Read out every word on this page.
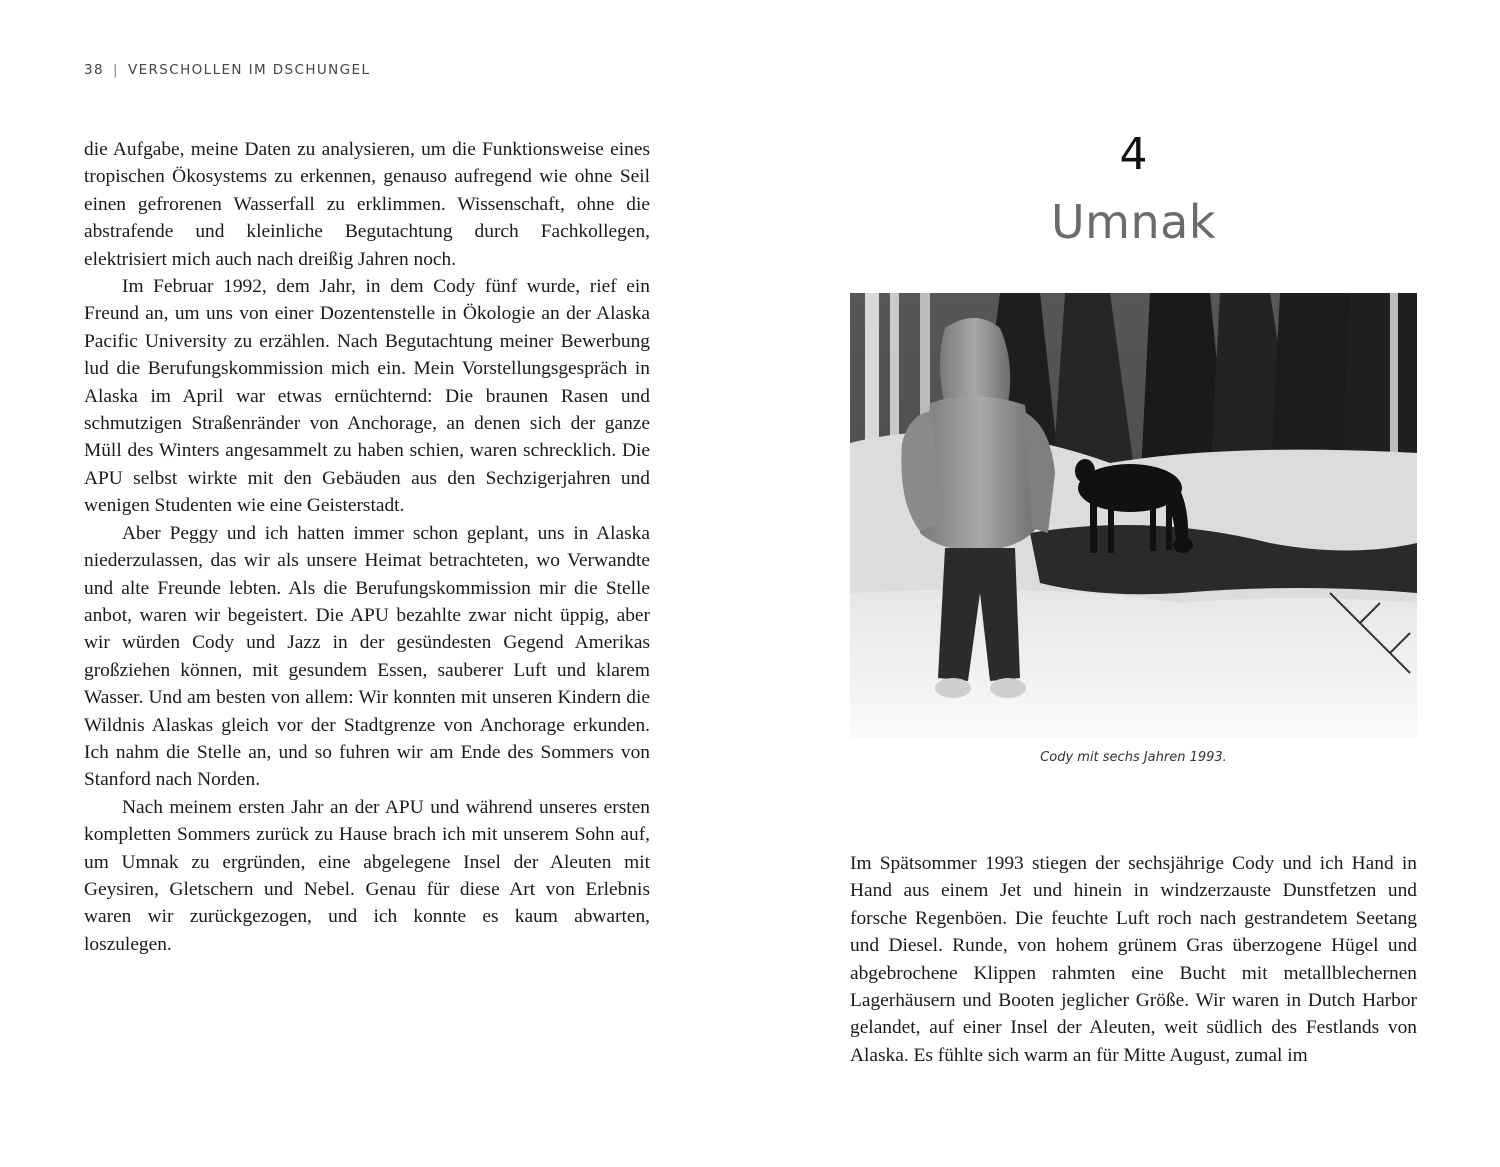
38 | VERSCHOLLEN IM DSCHUNGEL

die Aufgabe, meine Daten zu analysieren, um die Funktionsweise eines tropischen Ökosystems zu erkennen, genauso aufregend wie ohne Seil einen gefrorenen Wasserfall zu erklimmen. Wissenschaft, ohne die abstrafende und kleinliche Begutachtung durch Fachkollegen, elektrisiert mich auch nach dreißig Jahren noch.

Im Februar 1992, dem Jahr, in dem Cody fünf wurde, rief ein Freund an, um uns von einer Dozentenstelle in Ökologie an der Alaska Pacific University zu erzählen. Nach Begutachtung meiner Bewerbung lud die Berufungskommission mich ein. Mein Vorstellungsgespräch in Alaska im April war etwas ernüchternd: Die braunen Rasen und schmutzigen Straßenränder von Anchorage, an denen sich der ganze Müll des Winters angesammelt zu haben schien, waren schrecklich. Die APU selbst wirkte mit den Gebäuden aus den Sechzigerjahren und wenigen Studenten wie eine Geisterstadt.

Aber Peggy und ich hatten immer schon geplant, uns in Alaska niederzulassen, das wir als unsere Heimat betrachteten, wo Verwandte und alte Freunde lebten. Als die Berufungskommission mir die Stelle anbot, waren wir begeistert. Die APU bezahlte zwar nicht üppig, aber wir würden Cody und Jazz in der gesündesten Gegend Amerikas großziehen können, mit gesundem Essen, sauberer Luft und klarem Wasser. Und am besten von allem: Wir konnten mit unseren Kindern die Wildnis Alaskas gleich vor der Stadtgrenze von Anchorage erkunden. Ich nahm die Stelle an, und so fuhren wir am Ende des Sommers von Stanford nach Norden.

Nach meinem ersten Jahr an der APU und während unseres ersten kompletten Sommers zurück zu Hause brach ich mit unserem Sohn auf, um Umnak zu ergründen, eine abgelegene Insel der Aleuten mit Geysiren, Gletschern und Nebel. Genau für diese Art von Erlebnis waren wir zurückgezogen, und ich konnte es kaum abwarten, loszulegen.

4
Umnak
Cody mit sechs Jahren 1993.

Im Spätsommer 1993 stiegen der sechsjährige Cody und ich Hand in Hand aus einem Jet und hinein in windzerzauste Dunstfetzen und forsche Regenböen. Die feuchte Luft roch nach gestrandetem Seetang und Diesel. Runde, von hohem grünem Gras überzogene Hügel und abgebrochene Klippen rahmten eine Bucht mit metallblechernen Lagerhäusern und Booten jeglicher Größe. Wir waren in Dutch Harbor gelandet, auf einer Insel der Aleuten, weit südlich des Festlands von Alaska. Es fühlte sich warm an für Mitte August, zumal im
